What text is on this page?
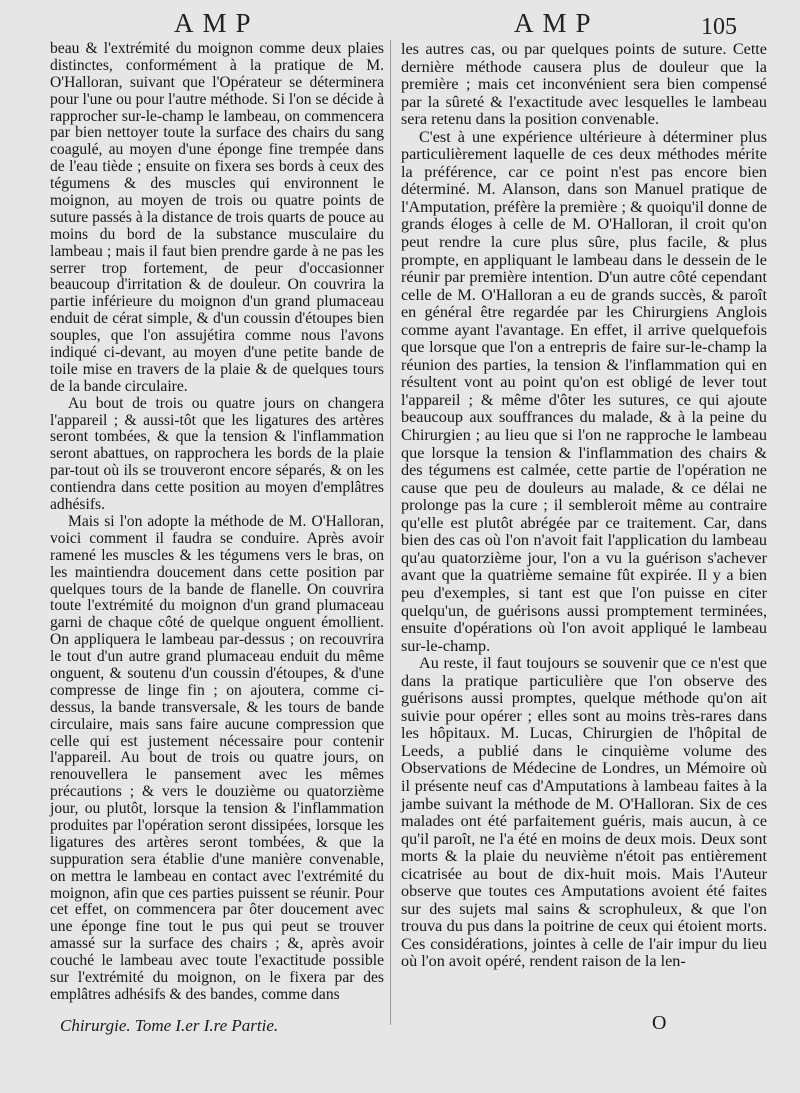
AMP	AMP	105

beau & l'extrémité du moignon comme deux plaies distinctes, conformément à la pratique de M. O'Halloran, suivant que l'Opérateur se déterminera pour l'une ou pour l'autre méthode. Si l'on se décide à rapprocher sur-le-champ le lambeau, on commencera par bien nettoyer toute la surface des chairs du sang coagulé, au moyen d'une éponge fine trempée dans de l'eau tiède ; ensuite on fixera ses bords à ceux des tégumens & des muscles qui environnent le moignon, au moyen de trois ou quatre points de suture passés à la distance de trois quarts de pouce au moins du bord de la substance musculaire du lambeau ; mais il faut bien prendre garde à ne pas les serrer trop fortement, de peur d'occasionner beaucoup d'irritation & de douleur. On couvrira la partie inférieure du moignon d'un grand plumaceau enduit de cérat simple, & d'un coussin d'étoupes bien souples, que l'on assujétira comme nous l'avons indiqué ci-devant, au moyen d'une petite bande de toile mise en travers de la plaie & de quelques tours de la bande circulaire.

Au bout de trois ou quatre jours on changera l'appareil ; & aussi-tôt que les ligatures des artères seront tombées, & que la tension & l'inflammation seront abattues, on rapprochera les bords de la plaie par-tout où ils se trouveront encore séparés, & on les contiendra dans cette position au moyen d'emplâtres adhésifs.

Mais si l'on adopte la méthode de M. O'Halloran, voici comment il faudra se conduire. Après avoir ramené les muscles & les tégumens vers le bras, on les maintiendra doucement dans cette position par quelques tours de la bande de flanelle. On couvrira toute l'extrémité du moignon d'un grand plumaceau garni de chaque côté de quelque onguent émollient. On appliquera le lambeau par-dessus ; on recouvrira le tout d'un autre grand plumaceau enduit du même onguent, & soutenu d'un coussin d'étoupes, & d'une compresse de linge fin ; on ajoutera, comme ci-dessus, la bande transversale, & les tours de bande circulaire, mais sans faire aucune compression que celle qui est justement nécessaire pour contenir l'appareil. Au bout de trois ou quatre jours, on renouvellera le pansement avec les mêmes précautions ; & vers le douzième ou quatorzième jour, ou plutôt, lorsque la tension & l'inflammation produites par l'opération seront dissipées, lorsque les ligatures des artères seront tombées, & que la suppuration sera établie d'une manière convenable, on mettra le lambeau en contact avec l'extrémité du moignon, afin que ces parties puissent se réunir. Pour cet effet, on commencera par ôter doucement avec une éponge fine tout le pus qui peut se trouver amassé sur la surface des chairs ; &, après avoir couché le lambeau avec toute l'exactitude possible sur l'extrémité du moignon, on le fixera par des emplâtres adhésifs & des bandes, comme dans

les autres cas, ou par quelques points de suture. Cette dernière méthode causera plus de douleur que la première ; mais cet inconvénient sera bien compensé par la sûreté & l'exactitude avec lesquelles le lambeau sera retenu dans la position convenable.

C'est à une expérience ultérieure à déterminer plus particulièrement laquelle de ces deux méthodes mérite la préférence, car ce point n'est pas encore bien déterminé. M. Alanson, dans son Manuel pratique de l'Amputation, préfère la première ; & quoiqu'il donne de grands éloges à celle de M. O'Halloran, il croit qu'on peut rendre la cure plus sûre, plus facile, & plus prompte, en appliquant le lambeau dans le dessein de le réunir par première intention. D'un autre côté cependant celle de M. O'Halloran a eu de grands succès, & paroît en général être regardée par les Chirurgiens Anglois comme ayant l'avantage. En effet, il arrive quelquefois que lorsque que l'on a entrepris de faire sur-le-champ la réunion des parties, la tension & l'inflammation qui en résultent vont au point qu'on est obligé de lever tout l'appareil ; & même d'ôter les sutures, ce qui ajoute beaucoup aux souffrances du malade, & à la peine du Chirurgien ; au lieu que si l'on ne rapproche le lambeau que lorsque la tension & l'inflammation des chairs & des tégumens est calmée, cette partie de l'opération ne cause que peu de douleurs au malade, & ce délai ne prolonge pas la cure ; il sembleroit même au contraire qu'elle est plutôt abrégée par ce traitement. Car, dans bien des cas où l'on n'avoit fait l'application du lambeau qu'au quatorzième jour, l'on a vu la guérison s'achever avant que la quatrième semaine fût expirée. Il y a bien peu d'exemples, si tant est que l'on puisse en citer quelqu'un, de guérisons aussi promptement terminées, ensuite d'opérations où l'on avoit appliqué le lambeau sur-le-champ.

Au reste, il faut toujours se souvenir que ce n'est que dans la pratique particulière que l'on observe des guérisons aussi promptes, quelque méthode qu'on ait suivie pour opérer ; elles sont au moins très-rares dans les hôpitaux. M. Lucas, Chirurgien de l'hôpital de Leeds, a publié dans le cinquième volume des Observations de Médecine de Londres, un Mémoire où il présente neuf cas d'Amputations à lambeau faites à la jambe suivant la méthode de M. O'Halloran. Six de ces malades ont été parfaitement guéris, mais aucun, à ce qu'il paroît, ne l'a été en moins de deux mois. Deux sont morts & la plaie du neuvième n'étoit pas entièrement cicatrisée au bout de dix-huit mois. Mais l'Auteur observe que toutes ces Amputations avoient été faites sur des sujets mal sains & scrophuleux, & que l'on trouva du pus dans la poitrine de ceux qui étoient morts. Ces considérations, jointes à celle de l'air impur du lieu où l'on avoit opéré, rendent raison de la len-

Chirurgie. Tome I.er I.re Partie.	O
